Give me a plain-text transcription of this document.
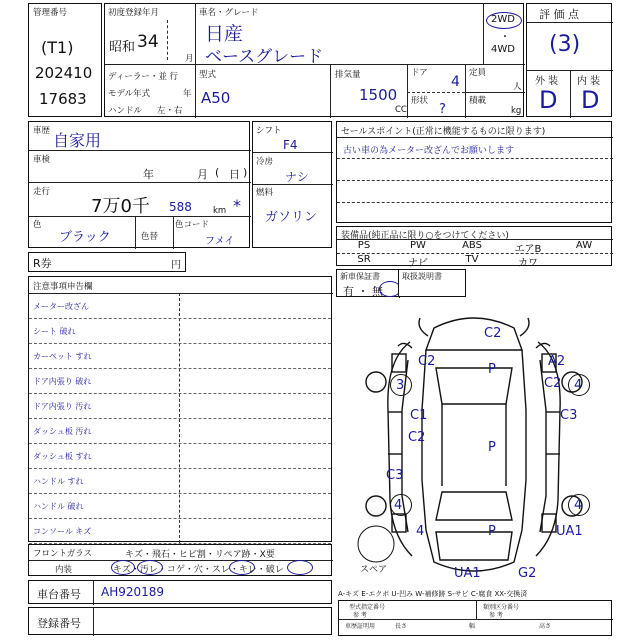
管理番号
(T1)
202410
17683
初度登録年月
昭和 34
月
車名・グレード
日産
ベースグレード
2WD
・
4WD
ディーラー・並 行
モデル年式	年
ハンドル 左・右
型式
A50
排気量
1500
CC
ドア
4
形状
?
定員
人
積載
kg
評 価 点
(3)
外 装 内 装
D D
車歴 自家用
車検
年	月 日
( )
走行
7万0千 588 km *
色
ブラック	色替
色コード
フメイ
シフト
F4
冷房
ナシ
燃料
ガソリン
R券	円
注意事項申告欄
メーター改ざん
シート 破れ
カーペット すれ
ドア内張り 破れ
ドア内張り 汚れ
ダッシュ板 汚れ
ダッシュ板 すれ
ハンドル すれ
ハンドル 破れ
コンソール キズ
セールスポイント(正常に機能するものに限ります)
古い車の為メーター改ざんでお願いします
装備品(純正品に限り○をつけてください)
PS	PW	ABS	エアB	AW
SR	ナビ	TV	カワ
新車保証書
有 ・ 無
取扱説明書
スペア
フロントガラス	キズ・飛石・ヒビ割・リペア跡・X要
内装	キズ・汚レ・コゲ・穴・スレ・キレ・破レ
車台番号 AH920189
登録番号
A-キズ E-エクボ U-凹み W-補修跡 S-サビ C-腐食 XX-交換済
型式指定番号
参 考
類別区分番号
参 考
車歴証明用	長さ	幅	高さ
C2
C2
P
A2
C2
3	4
4
C1	C3
C2
P
C3
4
4	UA1
P
UA1	G2
